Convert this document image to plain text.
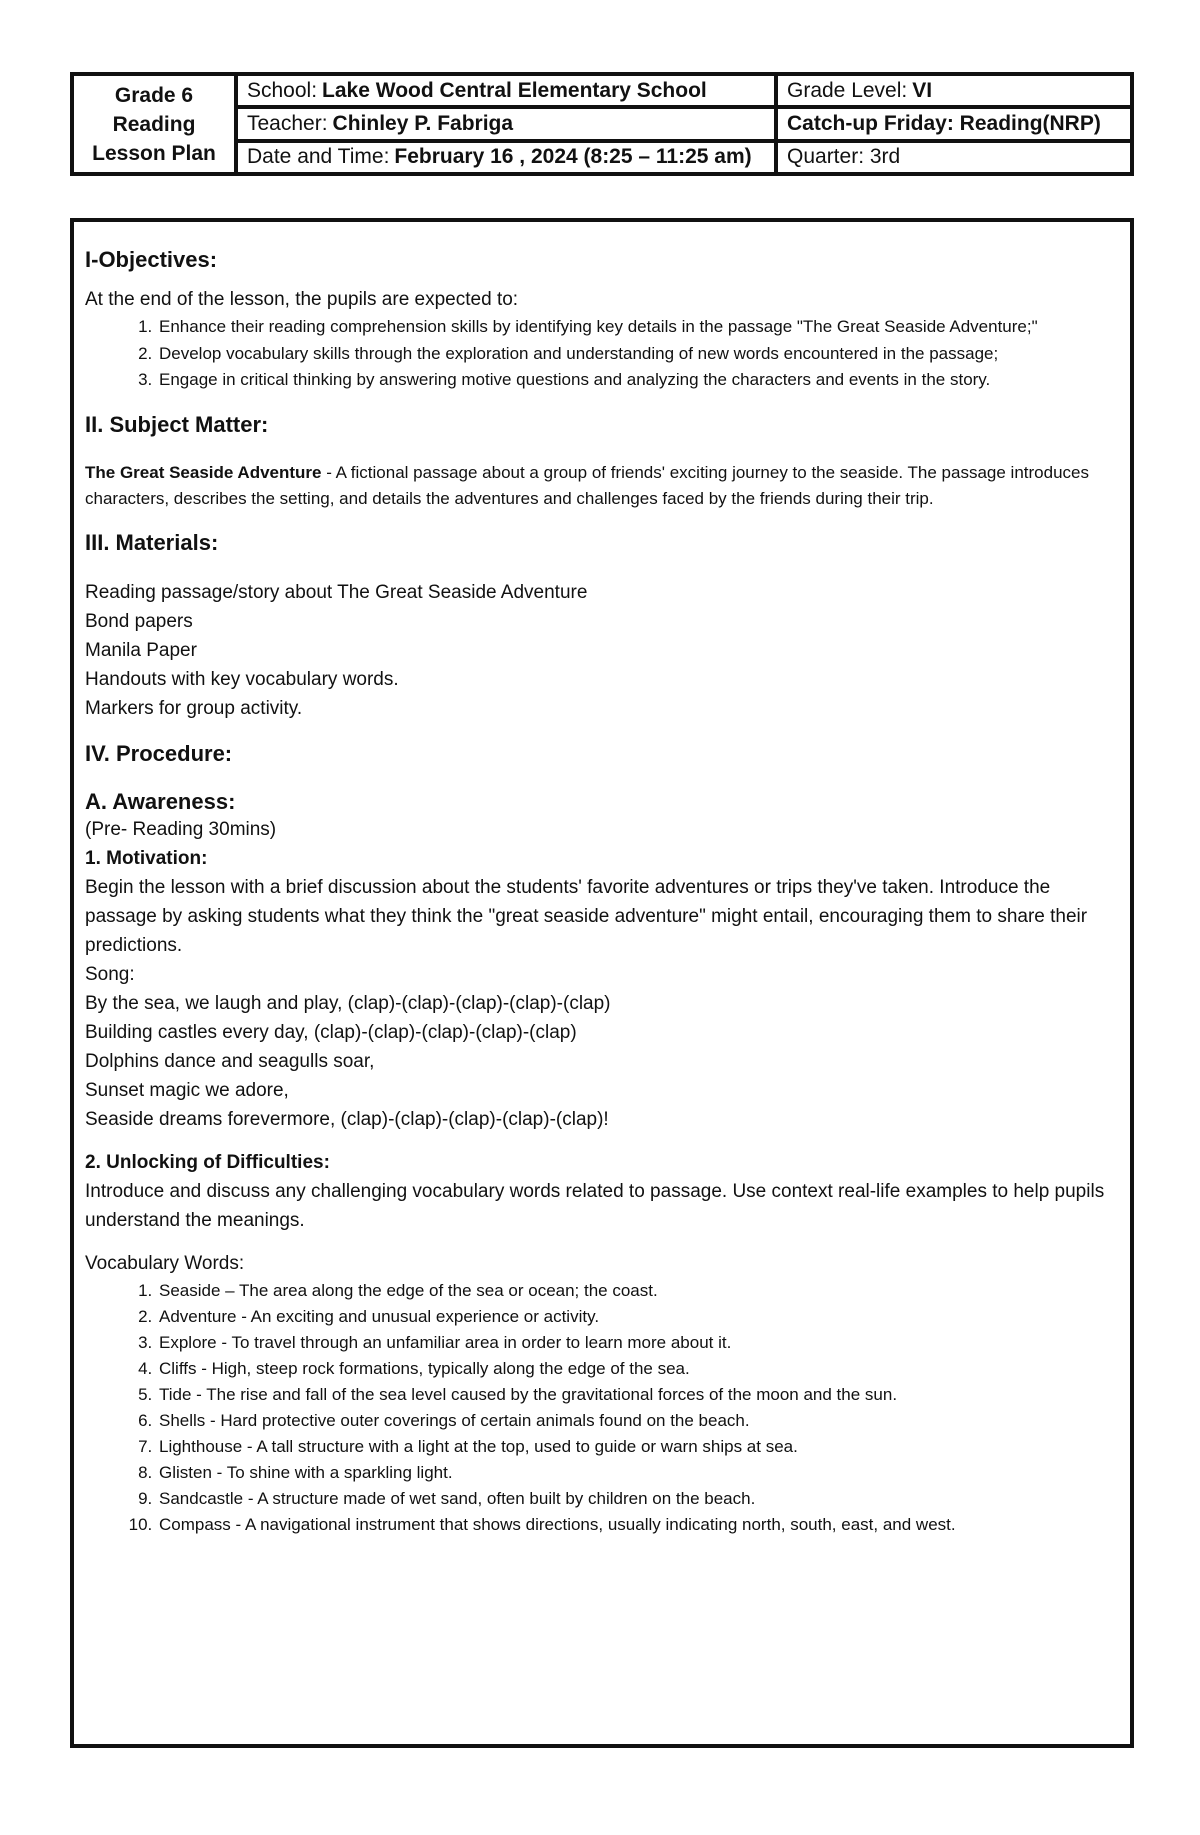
Grade 6
Reading
Lesson Plan
School: Lake Wood Central Elementary School
Teacher: Chinley P. Fabriga
Date and Time: February 16 , 2024 (8:25 – 11:25 am)
Grade Level: VI
Catch-up Friday: Reading(NRP)
Quarter: 3rd
I-Objectives:

At the end of the lesson, the pupils are expected to:

1. Enhance their reading comprehension skills by identifying key details in the passage "The Great Seaside Adventure;"
2. Develop vocabulary skills through the exploration and understanding of new words encountered in the passage;
3. Engage in critical thinking by answering motive questions and analyzing the characters and events in the story.
II. Subject Matter:

The Great Seaside Adventure - A fictional passage about a group of friends' exciting journey to the seaside. The passage introduces characters, describes the setting, and details the adventures and challenges faced by the friends during their trip.

III. Materials:

Reading passage/story about The Great Seaside Adventure

Bond papers

Manila Paper

Handouts with key vocabulary words.

Markers for group activity.

IV. Procedure:
A. Awareness:

(Pre- Reading 30mins)

1. Motivation:

Begin the lesson with a brief discussion about the students' favorite adventures or trips they've taken. Introduce the passage by asking students what they think the "great seaside adventure" might entail, encouraging them to share their predictions.

Song:

By the sea, we laugh and play, (clap)-(clap)-(clap)-(clap)-(clap)

Building castles every day, (clap)-(clap)-(clap)-(clap)-(clap)

Dolphins dance and seagulls soar,

Sunset magic we adore,

Seaside dreams forevermore, (clap)-(clap)-(clap)-(clap)-(clap)!

2. Unlocking of Difficulties:

Introduce and discuss any challenging vocabulary words related to passage. Use context real-life examples to help pupils understand the meanings.

Vocabulary Words:

1. Seaside – The area along the edge of the sea or ocean; the coast.
2. Adventure - An exciting and unusual experience or activity.
3. Explore - To travel through an unfamiliar area in order to learn more about it.
4. Cliffs - High, steep rock formations, typically along the edge of the sea.
5. Tide - The rise and fall of the sea level caused by the gravitational forces of the moon and the sun.
6. Shells - Hard protective outer coverings of certain animals found on the beach.
7. Lighthouse - A tall structure with a light at the top, used to guide or warn ships at sea.
8. Glisten - To shine with a sparkling light.
9. Sandcastle - A structure made of wet sand, often built by children on the beach.
10. Compass - A navigational instrument that shows directions, usually indicating north, south, east, and west.
